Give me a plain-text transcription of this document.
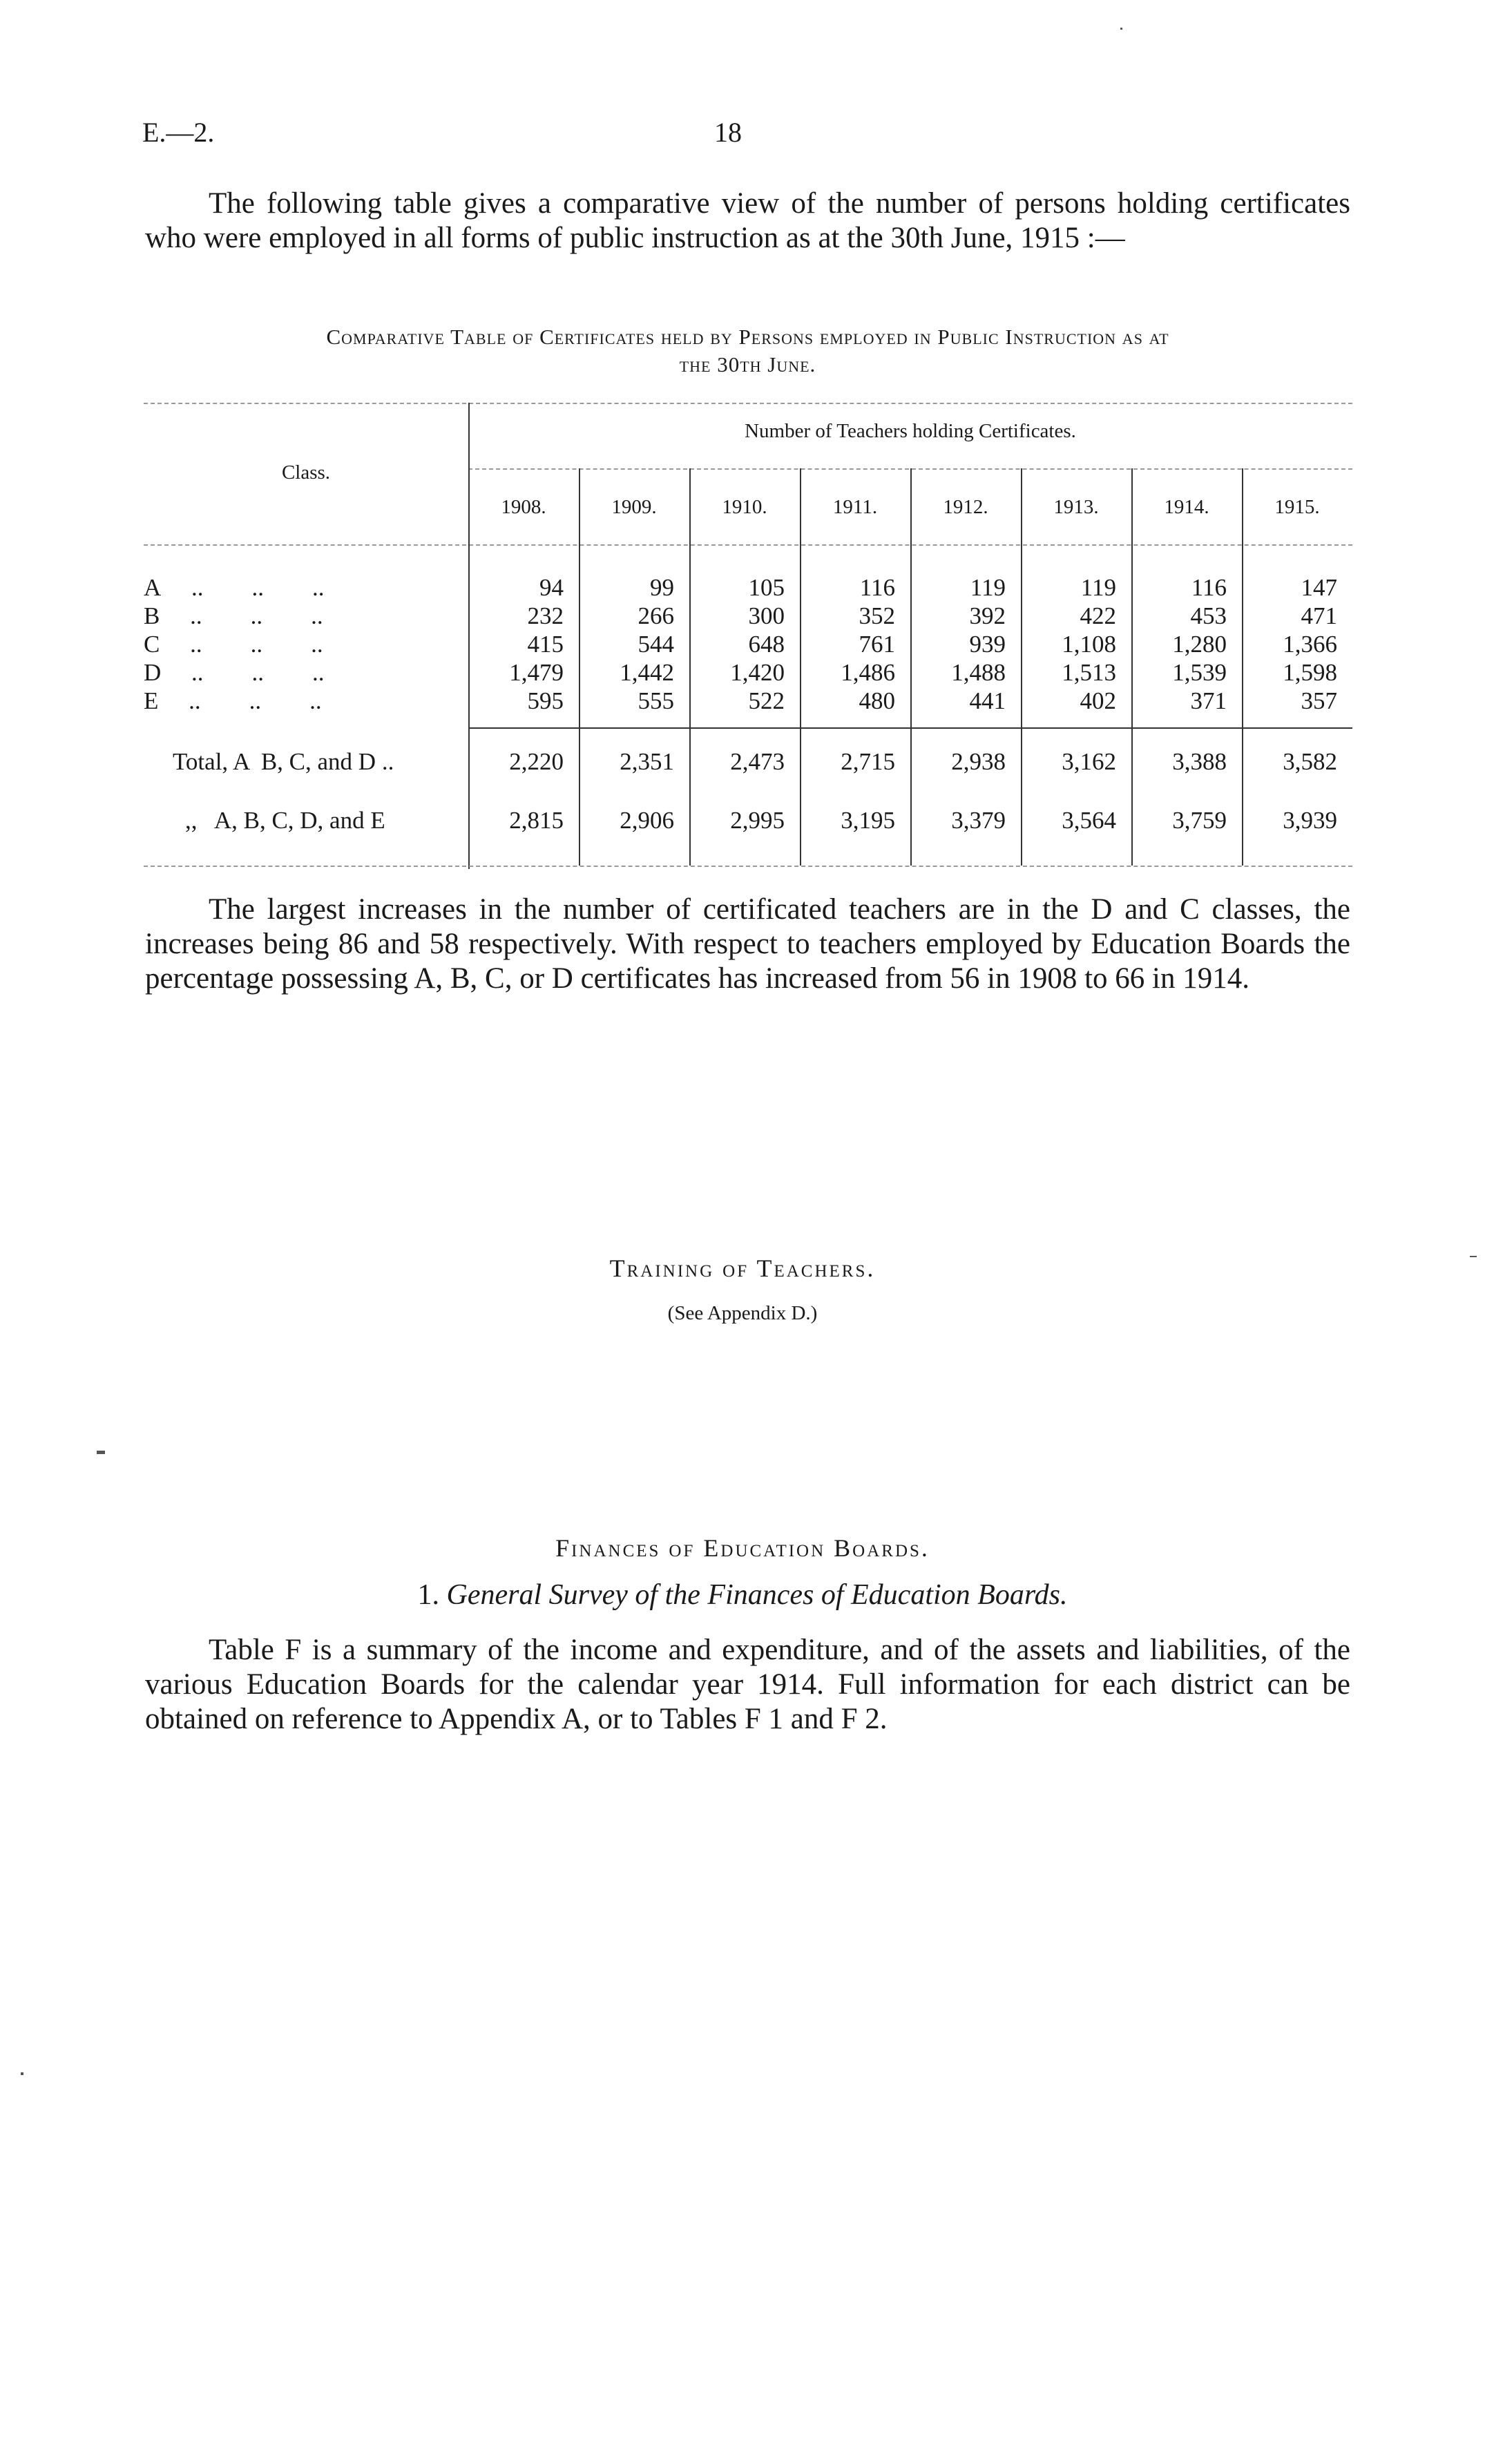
E.—2.	18
The following table gives a comparative view of the number of persons holding certificates who were employed in all forms of public instruction as at the 30th June, 1915 :—
Comparative Table of Certificates held by Persons employed in Public Instruction as at
the 30th June.
Class.
Number of Teachers holding Certificates.
1908.	1909.	1910.	1911.	1912.	1913.	1914.	1915.
A  ..  ..  ..	94	99	105	116	119	119	116	147
B  ..  ..  ..	232	266	300	352	392	422	453	471
C  ..  ..  ..	415	544	648	761	939	1,108	1,280	1,366
D  ..  ..  ..	1,479	1,442	1,420	1,486	1,488	1,513	1,539	1,598
E  ..  ..  ..	595	555	522	480	441	402	371	357
Total, A  B, C, and D ..	2,220	2,351	2,473	2,715	2,938	3,162	3,388	3,582
,,   A, B, C, D, and E	2,815	2,906	2,995	3,195	3,379	3,564	3,759	3,939
The largest increases in the number of certificated teachers are in the D and C classes, the increases being 86 and 58 respectively. With respect to teachers employed by Education Boards the percentage possessing A, B, C, or D certificates has increased from 56 in 1908 to 66 in 1914.
Training of Teachers.
(See Appendix D.)
Finances of Education Boards.
1. General Survey of the Finances of Education Boards.
Table F is a summary of the income and expenditure, and of the assets and liabilities, of the various Education Boards for the calendar year 1914. Full information for each district can be obtained on reference to Appendix A, or to Tables F 1 and F 2.
